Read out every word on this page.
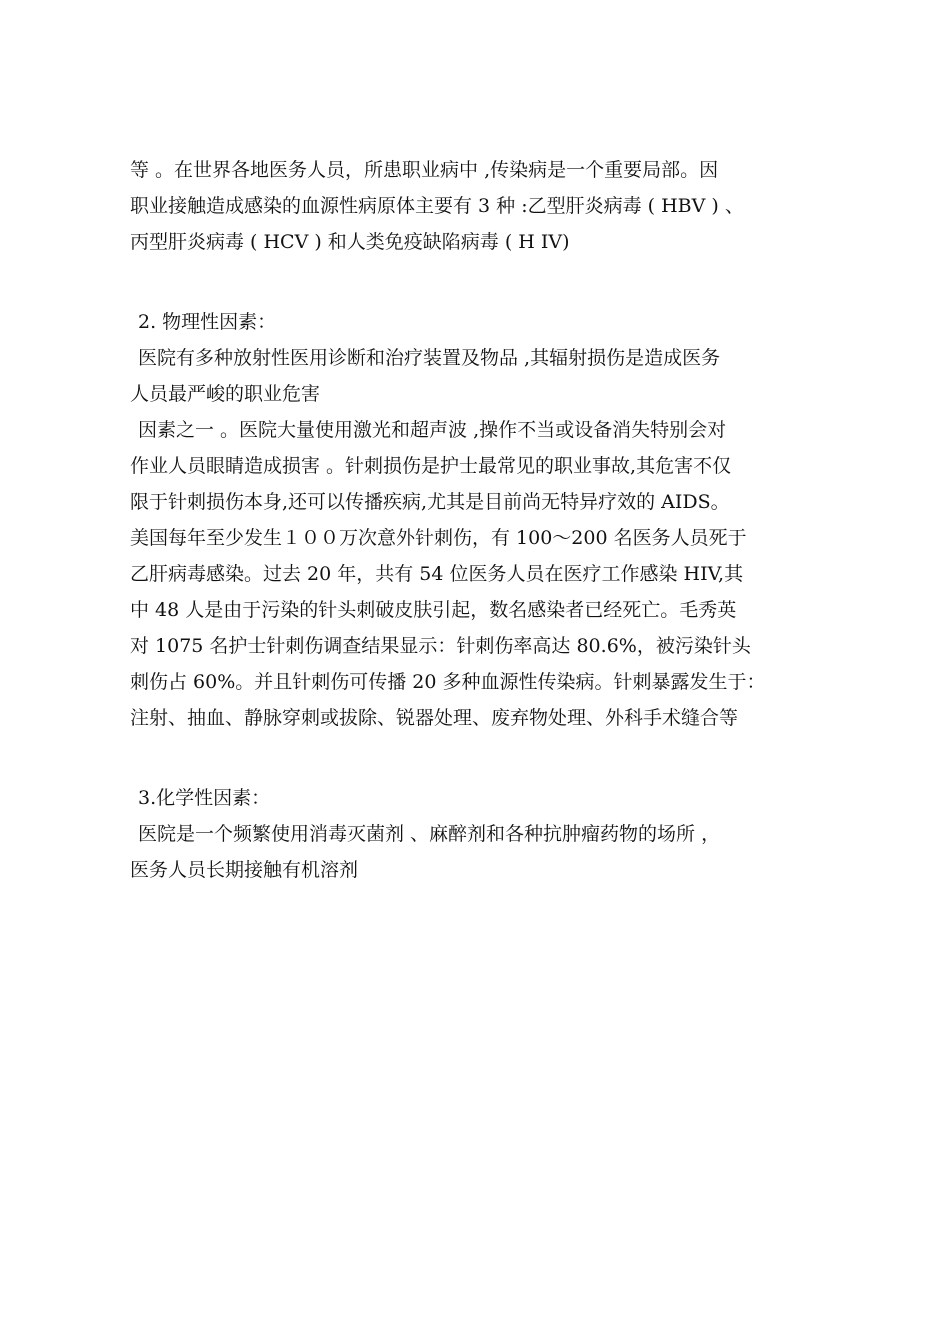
等 。在世界各地医务人员，所患职业病中 ,传染病是一个重要局部。因

职业接触造成感染的血源性病原体主要有 3 种 :乙型肝炎病毒 ( HBV ) 、

丙型肝炎病毒 ( HCV ) 和人类免疫缺陷病毒 ( H IV)

2. 物理性因素：

医院有多种放射性医用诊断和治疗装置及物品 ,其辐射损伤是造成医务

人员最严峻的职业危害

因素之一 。医院大量使用激光和超声波 ,操作不当或设备消失特别会对

作业人员眼睛造成损害 。针刺损伤是护士最常见的职业事故,其危害不仅

限于针刺损伤本身,还可以传播疾病,尤其是目前尚无特异疗效的 AIDS。

美国每年至少发生１００万次意外针刺伤，有 100～200 名医务人员死于

乙肝病毒感染。过去 20 年，共有 54 位医务人员在医疗工作感染 HIV,其

中 48 人是由于污染的针头刺破皮肤引起，数名感染者已经死亡。毛秀英

对 1075 名护士针刺伤调查结果显示：针刺伤率高达 80.6%，被污染针头

刺伤占 60%。并且针刺伤可传播 20 多种血源性传染病。针刺暴露发生于：

注射、抽血、静脉穿刺或拔除、锐器处理、废弃物处理、外科手术缝合等

3.化学性因素：

医院是一个频繁使用消毒灭菌剂 、麻醉剂和各种抗肿瘤药物的场所 ，

医务人员长期接触有机溶剂
